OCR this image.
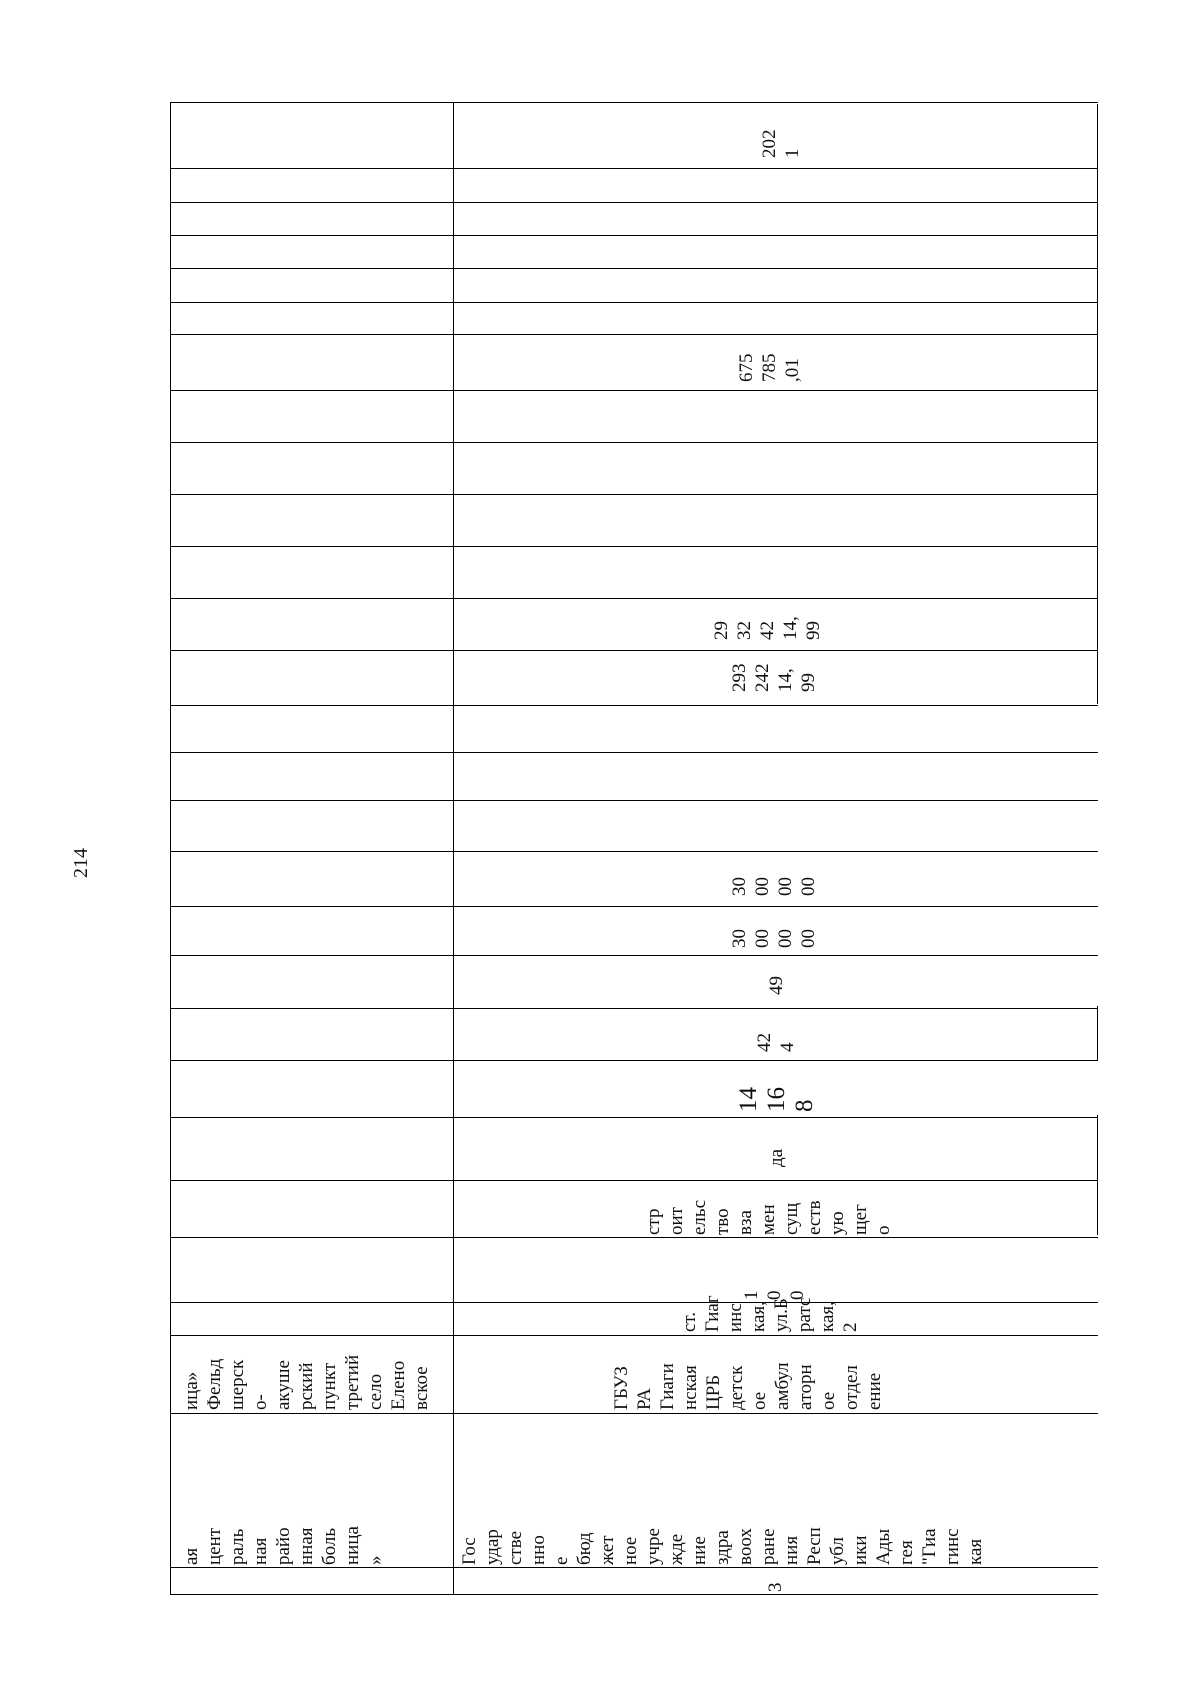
214
ая
цент
раль
ная
райо
нная
боль
ница
»
ица»
Фельд
шерск
о-
акуше
рский
пункт
третий
село
Елено
вское
3
Гос
удар
стве
нно
е
бюд
жет
ное
учре
жде
ние
здра
воох
ране
ния
Респ
убл
ики
Ады
гея
"Гиа
гинс
кая
ГБУЗ
РА
Гиаги
нская
ЦРБ
детск
ое
амбул
aторн
ое
отдел
ение
ст.
Гиаг
инс
кая,
ул.Б
ратс
кая,
2
1
0
0
стр
оит
ельс
тво
вза
мен
сущ
еств
ую
щег
о
да
14
16
8
42
4
49
30
00
00
00
30
00
00
00
293
242
14,
99
29
32
42
14,
99
675
785
,01
202
1
